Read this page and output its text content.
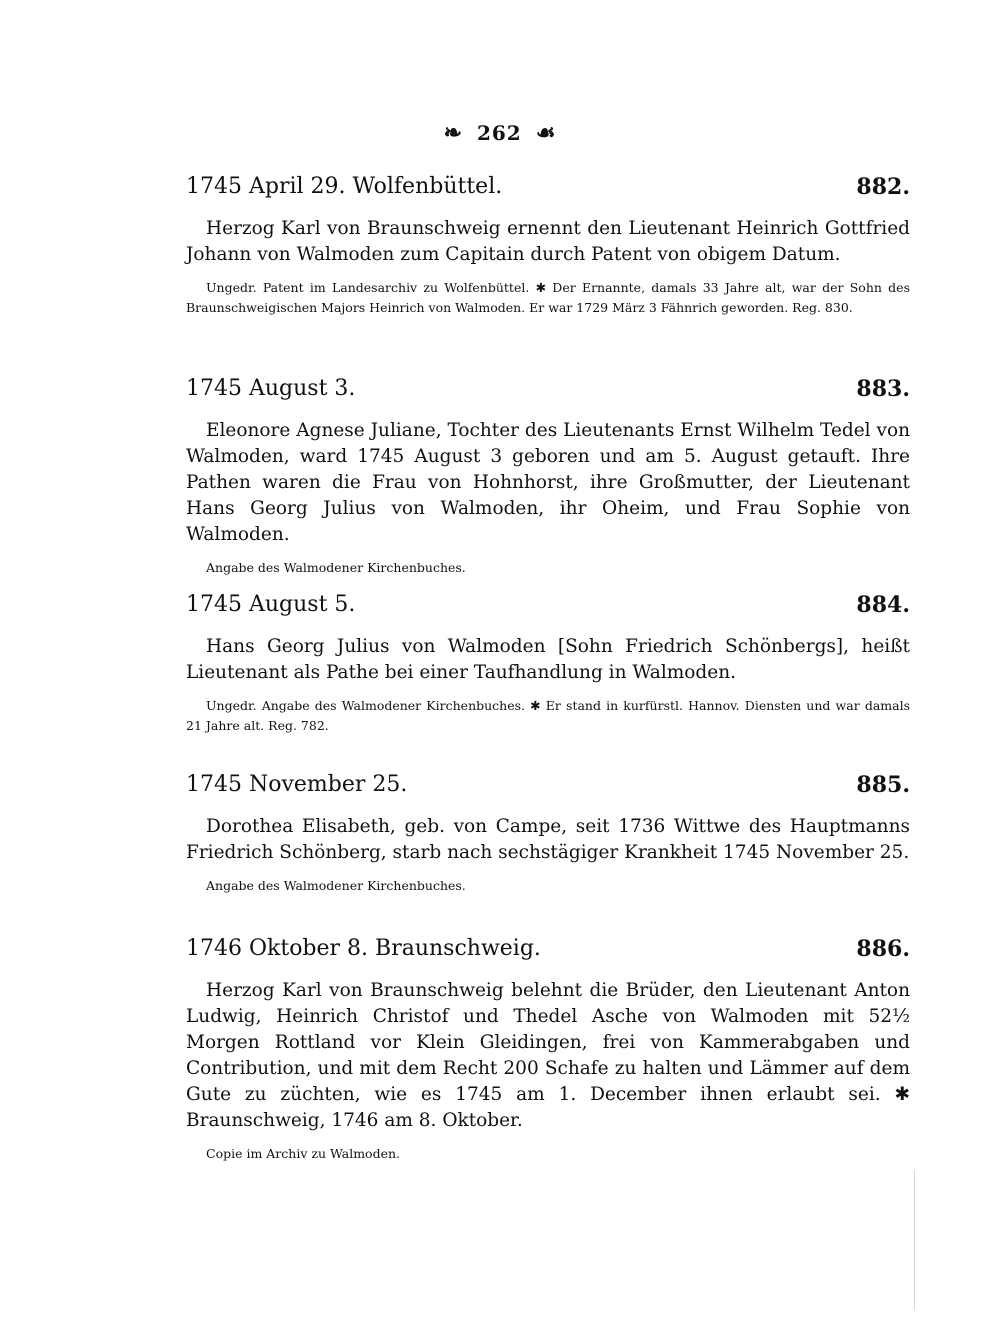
❧ 262 ☙
1745 April 29. Wolfenbüttel.	882.

Herzog Karl von Braunschweig ernennt den Lieutenant Heinrich Gottfried Johann von Walmoden zum Capitain durch Patent von obigem Datum.

Ungedr. Patent im Landesarchiv zu Wolfenbüttel. ✱ Der Ernannte, damals 33 Jahre alt, war der Sohn des Braunschweigischen Majors Heinrich von Walmoden. Er war 1729 März 3 Fähnrich geworden. Reg. 830.

1745 August 3.	883.

Eleonore Agnese Juliane, Tochter des Lieutenants Ernst Wilhelm Tedel von Walmoden, ward 1745 August 3 geboren und am 5. August getauft. Ihre Pathen waren die Frau von Hohnhorst, ihre Großmutter, der Lieutenant Hans Georg Julius von Walmoden, ihr Oheim, und Frau Sophie von Walmoden.

Angabe des Walmodener Kirchenbuches.

1745 August 5.	884.

Hans Georg Julius von Walmoden [Sohn Friedrich Schönbergs], heißt Lieutenant als Pathe bei einer Taufhandlung in Walmoden.

Ungedr. Angabe des Walmodener Kirchenbuches. ✱ Er stand in kurfürstl. Hannov. Diensten und war damals 21 Jahre alt. Reg. 782.

1745 November 25.	885.

Dorothea Elisabeth, geb. von Campe, seit 1736 Wittwe des Hauptmanns Friedrich Schönberg, starb nach sechstägiger Krankheit 1745 November 25.

Angabe des Walmodener Kirchenbuches.

1746 Oktober 8. Braunschweig.	886.

Herzog Karl von Braunschweig belehnt die Brüder, den Lieutenant Anton Ludwig, Heinrich Christof und Thedel Asche von Walmoden mit 52½ Morgen Rottland vor Klein Gleidingen, frei von Kammerabgaben und Contribution, und mit dem Recht 200 Schafe zu halten und Lämmer auf dem Gute zu züchten, wie es 1745 am 1. December ihnen erlaubt sei. ✱ Braunschweig, 1746 am 8. Oktober.

Copie im Archiv zu Walmoden.
